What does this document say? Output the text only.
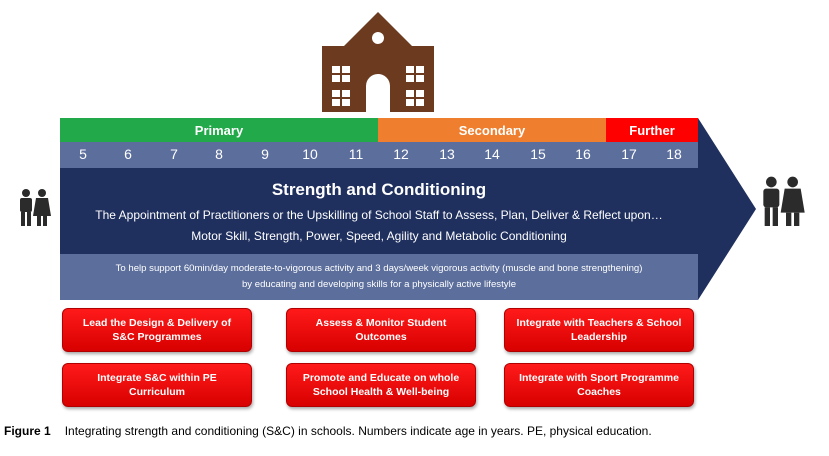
Primary	Secondary	Further
5	6	7	8	9	10	11	12	13	14	15	16	17	18
Strength and Conditioning
The Appointment of Practitioners or the Upskilling of School Staff to Assess, Plan, Deliver & Reflect upon…
Motor Skill, Strength, Power, Speed, Agility and Metabolic Conditioning
To help support 60min/day moderate-to-vigorous activity and 3 days/week vigorous activity (muscle and bone strengthening)
by educating and developing skills for a physically active lifestyle
Lead the Design & Delivery of S&C Programmes
Assess & Monitor Student Outcomes
Integrate with Teachers & School Leadership
Integrate S&C within PE Curriculum
Promote and Educate on whole School Health & Well-being
Integrate with Sport Programme Coaches
Figure 1 Integrating strength and conditioning (S&C) in schools. Numbers indicate age in years. PE, physical education.
